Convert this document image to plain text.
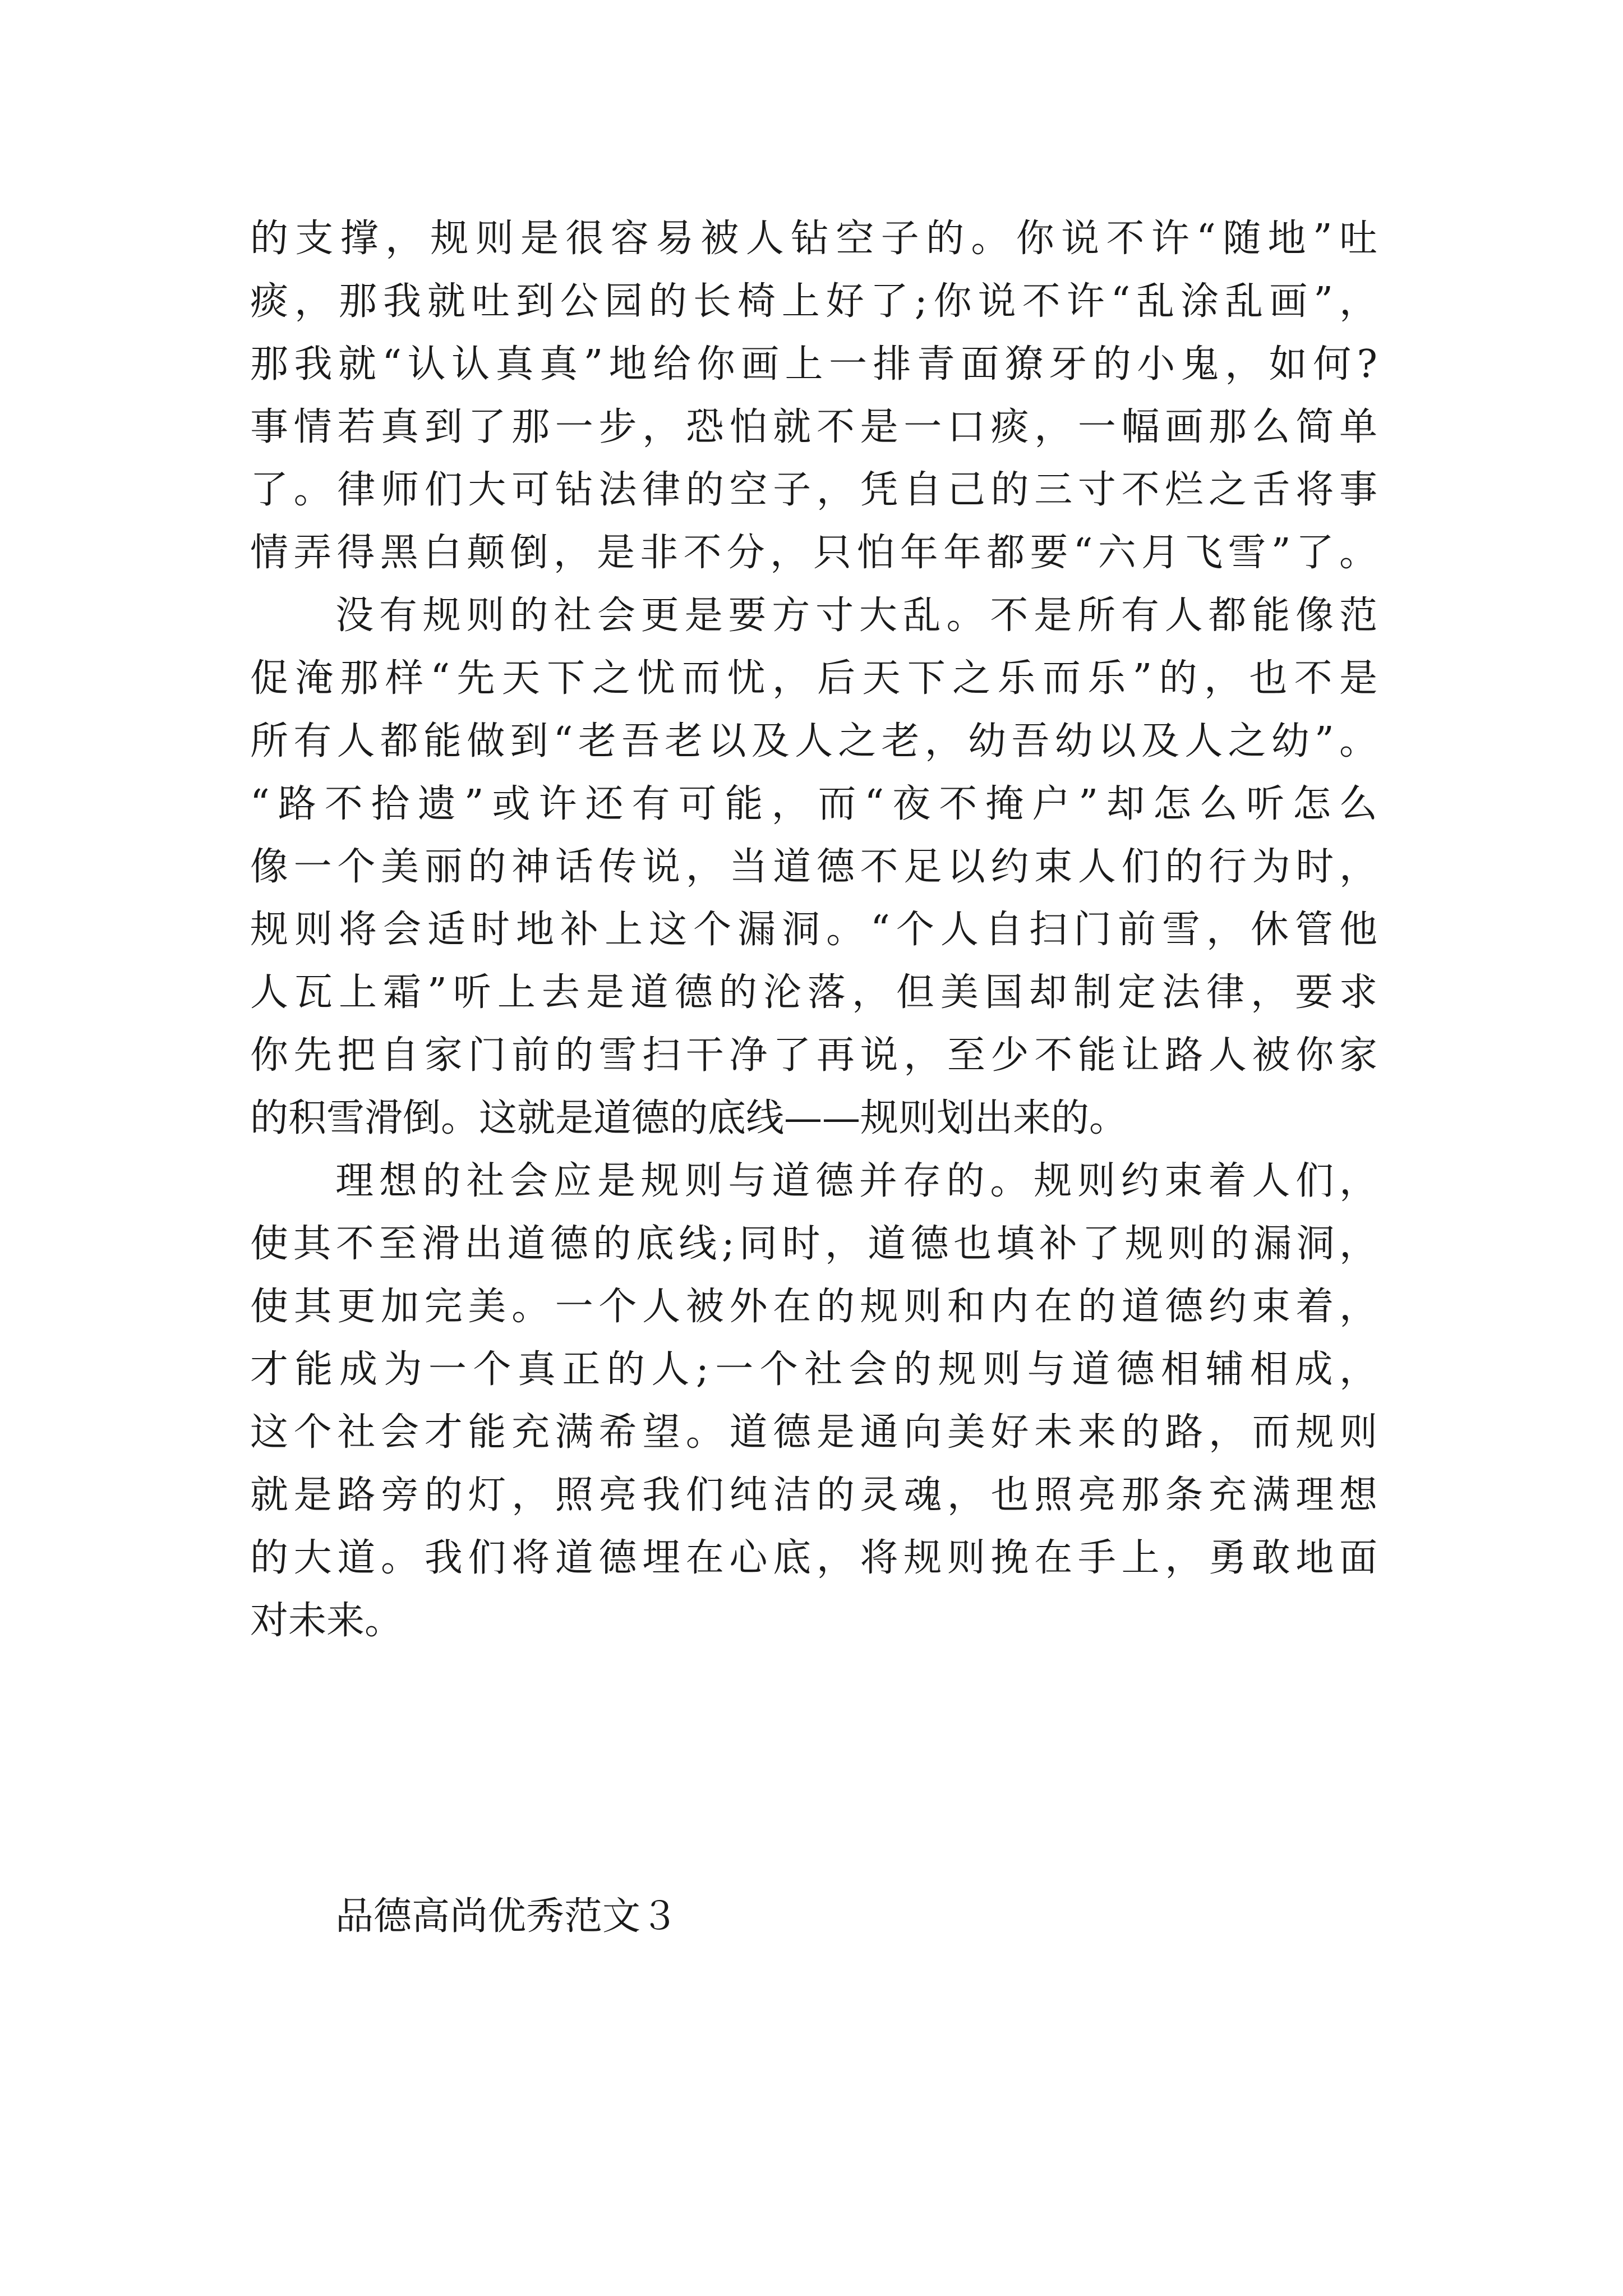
的支撑，规则是很容易被人钻空子的。你说不许“随地”吐
痰，那我就吐到公园的长椅上好了;你说不许“乱涂乱画”，
那我就“认认真真”地给你画上一排青面獠牙的小鬼，如何?
事情若真到了那一步，恐怕就不是一口痰，一幅画那么简单
了。律师们大可钻法律的空子，凭自己的三寸不烂之舌将事
情弄得黑白颠倒，是非不分，只怕年年都要“六月飞雪”了。
没有规则的社会更是要方寸大乱。不是所有人都能像范
促淹那样“先天下之忧而忧，后天下之乐而乐”的，也不是
所有人都能做到“老吾老以及人之老，幼吾幼以及人之幼”。
“路不拾遗”或许还有可能，而“夜不掩户”却怎么听怎么
像一个美丽的神话传说，当道德不足以约束人们的行为时，
规则将会适时地补上这个漏洞。“个人自扫门前雪，休管他
人瓦上霜”听上去是道德的沦落，但美国却制定法律，要求
你先把自家门前的雪扫干净了再说，至少不能让路人被你家
的积雪滑倒。这就是道德的底线——规则划出来的。
理想的社会应是规则与道德并存的。规则约束着人们，
使其不至滑出道德的底线;同时，道德也填补了规则的漏洞，
使其更加完美。一个人被外在的规则和内在的道德约束着，
才能成为一个真正的人;一个社会的规则与道德相辅相成，
这个社会才能充满希望。道德是通向美好未来的路，而规则
就是路旁的灯，照亮我们纯洁的灵魂，也照亮那条充满理想
的大道。我们将道德埋在心底，将规则挽在手上，勇敢地面
对未来。
品德高尚优秀范文３
